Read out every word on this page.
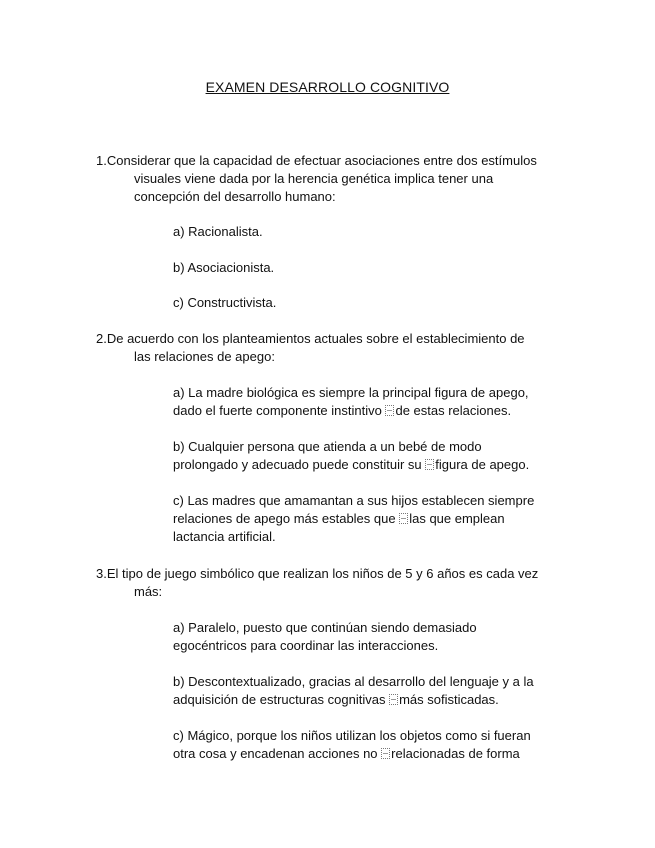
EXAMEN DESARROLLO COGNITIVO
1.Considerar que la capacidad de efectuar asociaciones entre dos estímulos
visuales viene dada por la herencia genética implica tener una
concepción del desarrollo humano:
a) Racionalista.
b) Asociacionista.
c) Constructivista.
2.De acuerdo con los planteamientos actuales sobre el establecimiento de
las relaciones de apego:
a) La madre biológica es siempre la principal figura de apego,
dado el fuerte componente instintivo de estas relaciones.
b) Cualquier persona que atienda a un bebé de modo
prolongado y adecuado puede constituir su figura de apego.
c) Las madres que amamantan a sus hijos establecen siempre
relaciones de apego más estables que las que emplean
lactancia artificial.
3.El tipo de juego simbólico que realizan los niños de 5 y 6 años es cada vez
más:
a) Paralelo, puesto que continúan siendo demasiado
egocéntricos para coordinar las interacciones.
b) Descontextualizado, gracias al desarrollo del lenguaje y a la
adquisición de estructuras cognitivas más sofisticadas.
c) Mágico, porque los niños utilizan los objetos como si fueran
otra cosa y encadenan acciones no relacionadas de forma
